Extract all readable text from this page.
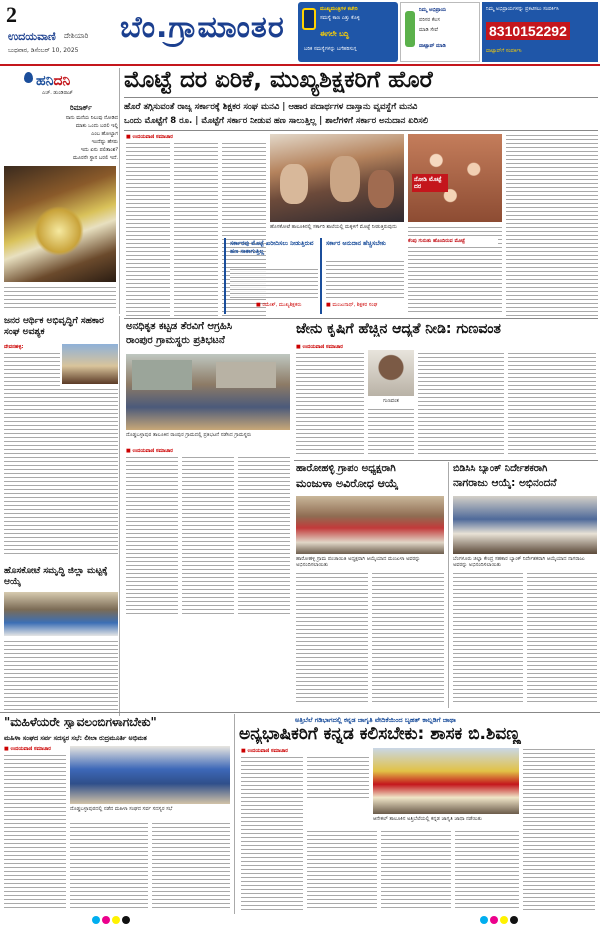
2
ಉದಯವಾಣಿ ದೇಶಿಯಾರಿ
ಬುಧವಾರ, ಡಿಸೆಂಬರ್ 10, 2025
ಬೆಂ.ಗ್ರಾಮಾಂತರ
ಮುಖ್ಯಮಂತ್ರಿಗಳ ಕಚೇರಿ
ಸಮಸ್ಯೆ ಕಾಣ ಎತ್ತು ಕೊಳ್ಳಿ
ಈಗಲೇ ಬದ್ಧಿ
ಬರಿಕ ಸಮಸ್ಯೆಗಳನ್ನು ಬಗೆಹರಿಸುಗ್ಗ
ನಿಮ್ಮ ಅಭಿಪ್ರಾಯ
ಪರಿಸರ ಕೆಲಸ
ಮಾಡಿ ಸೇವೆ
ವಾಟ್ಸಾಪ್ ಮಾಡಿ
ನಿಮ್ಮ ಅಭಿಪ್ರಾಯಗಳನ್ನು ಪ್ರಕಟಿಸಲು ಸಂಪರ್ಕಿಸಿ
8310152292
ವಾಟ್ಸಾಪ್‌ಗೆ ಸಂಪರ್ಕಿಸಿ
ಹನಿದನಿ
ಎಚ್. ಡುಂಡಿರಾಜ್
ರಿಮಾರ್ಕ್
ನಾನು ಮನೆಯ ನಿಲುವು ನೋಡಿದ
ಮಾತು ಒಂದು ಬರಲಿ ಇಲ್ಲಿ
ಎಂಬ ಹೋಲ್ದಾಗ
ಇಂದೆಷ್ಟು ಹೆಸರು
ಇದು ಏನು ಪಲಿತಾಂಶ?
ಮೂರನೇ ಸ್ಥಾನ ಬರಲಿ ಇದೆ.
ಜನರ ಆರ್ಥಿಕ ಅಭಿವೃದ್ಧಿಗೆ ಸಹಕಾರ ಸಂಘ ಅವಶ್ಯಕ
ದೇವನಹಳ್ಳಿ:
ಹೊಸಕೋಟೆ ಸಮೃದ್ಧಿ ಜಿಲ್ಲಾ ಮಟ್ಟಕ್ಕೆ ಆಯ್ಕೆ
ಮೊಟ್ಟೆ ದರ ಏರಿಕೆ, ಮುಖ್ಯಶಿಕ್ಷಕರಿಗೆ ಹೊರೆ
ಹೊರೆ ತಗ್ಗಿಸುವಂತೆ ರಾಜ್ಯ ಸರ್ಕಾರಕ್ಕೆ ಶಿಕ್ಷಕರ ಸಂಘ ಮನವಿ | ಆಹಾರ ಪದಾರ್ಥಗಳ ದಾಸ್ತಾನು ವ್ಯವಸ್ಥೆಗೆ ಮನವಿ
ಒಂದು ಮೊಟ್ಟೆಗೆ 8 ರೂ. | ಮೊಟ್ಟೆಗೆ ಸರ್ಕಾರ ನೀಡುವ ಹಣ ಸಾಲುತ್ತಿಲ್ಲ | ಶಾಲೆಗಳಿಗೆ ಸರ್ಕಾರ ಅನುದಾನ ಏರಿಸಲಿ
■ ಉದಯವಾಣಿ ಸಮಾಚಾರ
ಹೊಸಕೋಟೆ ತಾಲೂಕಿನಲ್ಲಿ ಸರ್ಕಾರಿ ಶಾಲೆಯಲ್ಲಿ ಮಕ್ಕಳಿಗೆ ಮೊಟ್ಟೆ ನೀಡುತ್ತಿರುವುದು
ನೋಡಿ ಮೊಟ್ಟೆ ದರ
ಸರ್ಕಾರವು ಮೊಟ್ಟೆ ಖರೀದಿಸಲು ನೀಡುತ್ತಿರುವ ಹಣ ಸಾಕಾಗುತ್ತಿಲ್ಲ
■ ರಮೇಶ್, ಮುಖ್ಯಶಿಕ್ಷಕರು
ಸರ್ಕಾರ ಅನುದಾನ ಹೆಚ್ಚಿಸಬೇಕು
■ ಮಂಜುನಾಥ್, ಶಿಕ್ಷಕರ ಸಂಘ
ಕೆಂಪು ಗುರುತು ಹೊಂದಿರುವ ಮೊಟ್ಟೆ
ಅನಧಿಕೃತ ಕಟ್ಟಡ ತೆರವಿಗೆ ಆಗ್ರಹಿಸಿ
ರಾಂಪುರ ಗ್ರಾಮಸ್ಥರು ಪ್ರತಿಭಟನೆ
ದೊಡ್ಡಬಳ್ಳಾಪುರ ತಾಲೂಕಿನ ರಾಂಪುರ ಗ್ರಾಮದಲ್ಲಿ ಪ್ರತಿಭಟನೆ ನಡೆಸಿದ ಗ್ರಾಮಸ್ಥರು
■ ಉದಯವಾಣಿ ಸಮಾಚಾರ
ಜೇನು ಕೃಷಿಗೆ ಹೆಚ್ಚಿನ ಆದ್ಯತೆ ನೀಡಿ: ಗುಣವಂತ
■ ಉದಯವಾಣಿ ಸಮಾಚಾರ
ಗುಣವಂತ
ಹಾರೋಹಳ್ಳಿ ಗ್ರಾಪಂ ಅಧ್ಯಕ್ಷರಾಗಿ
ಮಂಜುಳಾ ಅವಿರೋಧ ಆಯ್ಕೆ
ಹಾರೋಹಳ್ಳಿ ಗ್ರಾಮ ಪಂಚಾಯಿತಿ ಅಧ್ಯಕ್ಷರಾಗಿ ಆಯ್ಕೆಯಾದ ಮಂಜುಳಾ ಅವರನ್ನು ಅಭಿನಂದಿಸಲಾಯಿತು
ಬಿಡಿಸಿಸಿ ಬ್ಯಾಂಕ್ ನಿರ್ದೇಶಕರಾಗಿ
ನಾಗರಾಜು ಆಯ್ಕೆ: ಅಭಿನಂದನೆ
ಬೆಂಗಳೂರು ಜಿಲ್ಲಾ ಕೇಂದ್ರ ಸಹಕಾರ ಬ್ಯಾಂಕ್ ನಿರ್ದೇಶಕರಾಗಿ ಆಯ್ಕೆಯಾದ ನಾಗರಾಜು ಅವರನ್ನು ಅಭಿನಂದಿಸಲಾಯಿತು
"ಮಹಿಳೆಯರೇ ಸ್ವಾವಲಂಬಿಗಳಾಗಬೇಕು"
ಮಹಿಳಾ ಸಂಘದ ಸರ್ವ ಸದಸ್ಯರ ಸಭೆ: ಲೀಲಾ ರುದ್ರಮೂರ್ತಿ ಅಭಿಮತ
■ ಉದಯವಾಣಿ ಸಮಾಚಾರ
ದೊಡ್ಡಬಳ್ಳಾಪುರದಲ್ಲಿ ನಡೆದ ಮಹಿಳಾ ಸಂಘದ ಸರ್ವ ಸದಸ್ಯರ ಸಭೆ
ಅತ್ತಿಬೆಲೆ ಗಡಿಭಾಗದಲ್ಲಿ ಕನ್ನಡ ಜಾಗೃತಿ ವೇದಿಕೆಯಿಂದ ಬೃಹತ್ ಕಾಲ್ನಡಿಗೆ ಜಾಥಾ
ಅನ್ಯಭಾಷಿಕರಿಗೆ ಕನ್ನಡ ಕಲಿಸಬೇಕು: ಶಾಸಕ ಬಿ.ಶಿವಣ್ಣ
■ ಉದಯವಾಣಿ ಸಮಾಚಾರ
ಆನೇಕಲ್ ತಾಲೂಕಿನ ಅತ್ತಿಬೆಲೆಯಲ್ಲಿ ಕನ್ನಡ ಜಾಗೃತಿ ಜಾಥಾ ನಡೆಯಿತು
